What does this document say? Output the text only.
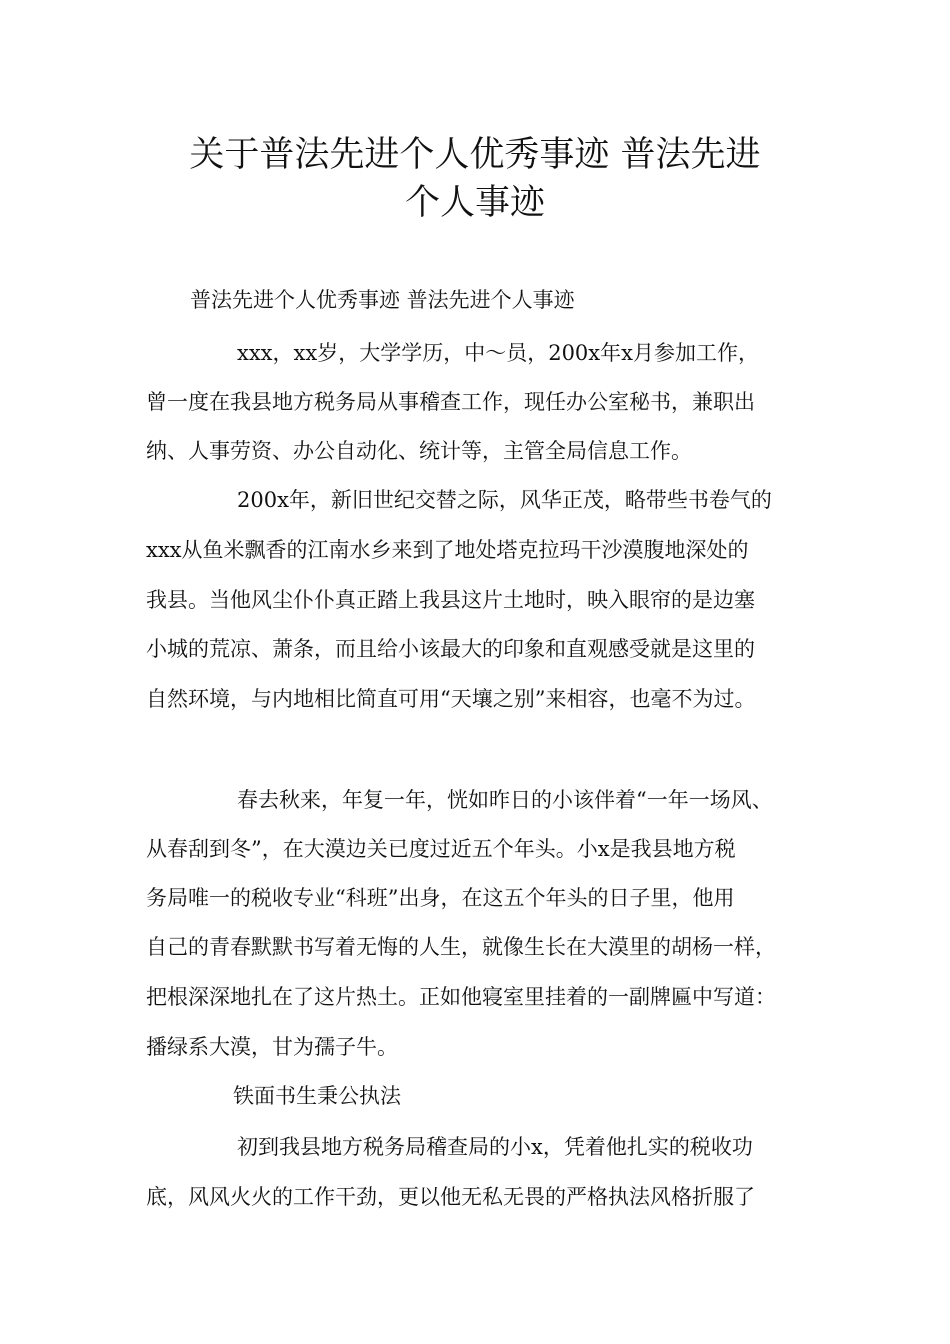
关于普法先进个人优秀事迹 普法先进
个人事迹

普法先进个人优秀事迹 普法先进个人事迹

xxx，xx岁，大学学历，中～员，200x年x月参加工作，

曾一度在我县地方税务局从事稽查工作，现任办公室秘书，兼职出

纳、人事劳资、办公自动化、统计等，主管全局信息工作。

200x年，新旧世纪交替之际，风华正茂，略带些书卷气的

xxx从鱼米飘香的江南水乡来到了地处塔克拉玛干沙漠腹地深处的

我县。当他风尘仆仆真正踏上我县这片土地时，映入眼帘的是边塞

小城的荒凉、萧条，而且给小该最大的印象和直观感受就是这里的

自然环境，与内地相比简直可用“天壤之别”来相容，也毫不为过。

春去秋来，年复一年，恍如昨日的小该伴着“一年一场风、

从春刮到冬”，在大漠边关已度过近五个年头。小x是我县地方税

务局唯一的税收专业“科班”出身，在这五个年头的日子里，他用

自己的青春默默书写着无悔的人生，就像生长在大漠里的胡杨一样，

把根深深地扎在了这片热土。正如他寝室里挂着的一副牌匾中写道：

播绿系大漠，甘为孺子牛。

铁面书生秉公执法

初到我县地方税务局稽查局的小x，凭着他扎实的税收功

底，风风火火的工作干劲，更以他无私无畏的严格执法风格折服了
